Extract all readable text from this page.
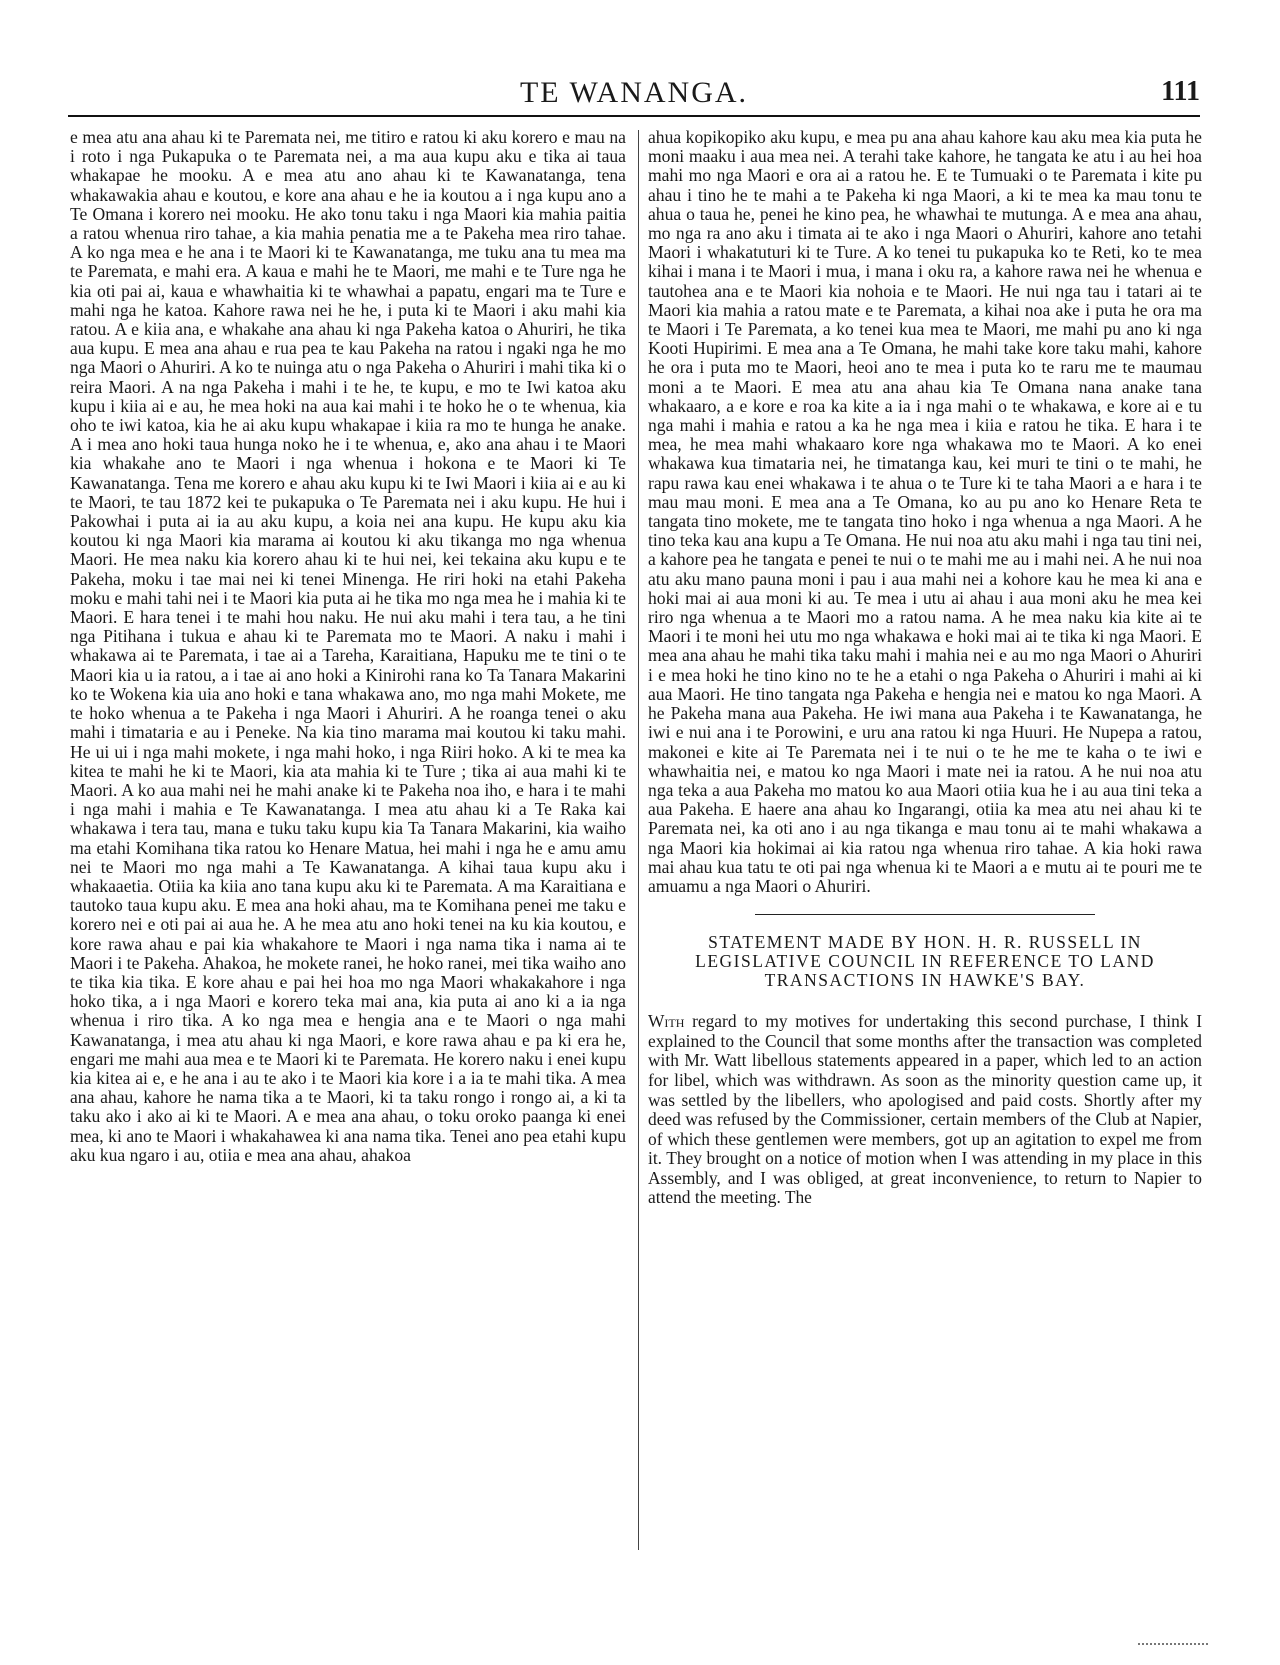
TE WANANGA.	111

e mea atu ana ahau ki te Paremata nei, me titiro e ratou ki aku korero e mau na i roto i nga Pukapuka o te Paremata nei, a ma aua kupu aku e tika ai taua whakapae he mooku. A e mea atu ano ahau ki te Kawanatanga, tena whakawakia ahau e koutou, e kore ana ahau e he ia koutou a i nga kupu ano a Te Omana i korero nei mooku. He ako tonu taku i nga Maori kia mahia paitia a ratou whenua riro tahae, a kia mahia penatia me a te Pakeha mea riro tahae. A ko nga mea e he ana i te Maori ki te Kawanatanga, me tuku ana tu mea ma te Paremata, e mahi era. A kaua e mahi he te Maori, me mahi e te Ture nga he kia oti pai ai, kaua e whawhaitia ki te whawhai a papatu, engari ma te Ture e mahi nga he katoa. Kahore rawa nei he he, i puta ki te Maori i aku mahi kia ratou. A e kiia ana, e whakahe ana ahau ki nga Pakeha katoa o Ahuriri, he tika aua kupu. E mea ana ahau e rua pea te kau Pakeha na ratou i ngaki nga he mo nga Maori o Ahuriri. A ko te nuinga atu o nga Pakeha o Ahuriri i mahi tika ki o reira Maori. A na nga Pakeha i mahi i te he, te kupu, e mo te Iwi katoa aku kupu i kiia ai e au, he mea hoki na aua kai mahi i te hoko he o te whenua, kia oho te iwi katoa, kia he ai aku kupu whakapae i kiia ra mo te hunga he anake. A i mea ano hoki taua hunga noko he i te whenua, e, ako ana ahau i te Maori kia whakahe ano te Maori i nga whenua i hokona e te Maori ki Te Kawanatanga. Tena me korero e ahau aku kupu ki te Iwi Maori i kiia ai e au ki te Maori, te tau 1872 kei te pukapuka o Te Paremata nei i aku kupu. He hui i Pakowhai i puta ai ia au aku kupu, a koia nei ana kupu. He kupu aku kia koutou ki nga Maori kia marama ai koutou ki aku tikanga mo nga whenua Maori. He mea naku kia korero ahau ki te hui nei, kei tekaina aku kupu e te Pakeha, moku i tae mai nei ki tenei Minenga. He riri hoki na etahi Pakeha moku e mahi tahi nei i te Maori kia puta ai he tika mo nga mea he i mahia ki te Maori. E hara tenei i te mahi hou naku. He nui aku mahi i tera tau, a he tini nga Pitihana i tukua e ahau ki te Paremata mo te Maori. A naku i mahi i whakawa ai te Paremata, i tae ai a Tareha, Karaitiana, Hapuku me te tini o te Maori kia u ia ratou, a i tae ai ano hoki a Kinirohi rana ko Ta Tanara Makarini ko te Wokena kia uia ano hoki e tana whakawa ano, mo nga mahi Mokete, me te hoko whenua a te Pakeha i nga Maori i Ahuriri. A he roanga tenei o aku mahi i timataria e au i Peneke. Na kia tino marama mai koutou ki taku mahi. He ui ui i nga mahi mokete, i nga mahi hoko, i nga Riiri hoko. A ki te mea ka kitea te mahi he ki te Maori, kia ata mahia ki te Ture ; tika ai aua mahi ki te Maori. A ko aua mahi nei he mahi anake ki te Pakeha noa iho, e hara i te mahi i nga mahi i mahia e Te Kawanatanga. I mea atu ahau ki a Te Raka kai whakawa i tera tau, mana e tuku taku kupu kia Ta Tanara Makarini, kia waiho ma etahi Komihana tika ratou ko Henare Matua, hei mahi i nga he e amu amu nei te Maori mo nga mahi a Te Kawanatanga. A kihai taua kupu aku i whakaaetia. Otiia ka kiia ano tana kupu aku ki te Paremata. A ma Karaitiana e tautoko taua kupu aku. E mea ana hoki ahau, ma te Komihana penei me taku e korero nei e oti pai ai aua he. A he mea atu ano hoki tenei na ku kia koutou, e kore rawa ahau e pai kia whakahore te Maori i nga nama tika i nama ai te Maori i te Pakeha. Ahakoa, he mokete ranei, he hoko ranei, mei tika waiho ano te tika kia tika. E kore ahau e pai hei hoa mo nga Maori whakakahore i nga hoko tika, a i nga Maori e korero teka mai ana, kia puta ai ano ki a ia nga whenua i riro tika. A ko nga mea e hengia ana e te Maori o nga mahi Kawanatanga, i mea atu ahau ki nga Maori, e kore rawa ahau e pa ki era he, engari me mahi aua mea e te Maori ki te Paremata. He korero naku i enei kupu kia kitea ai e, e he ana i au te ako i te Maori kia kore i a ia te mahi tika. A mea ana ahau, kahore he nama tika a te Maori, ki ta taku rongo i rongo ai, a ki ta taku ako i ako ai ki te Maori. A e mea ana ahau, o toku oroko paanga ki enei mea, ki ano te Maori i whakahawea ki ana nama tika. Tenei ano pea etahi kupu aku kua ngaro i au, otiia e mea ana ahau, ahakoa

ahua kopikopiko aku kupu, e mea pu ana ahau kahore kau aku mea kia puta he moni maaku i aua mea nei. A terahi take kahore, he tangata ke atu i au hei hoa mahi mo nga Maori e ora ai a ratou he. E te Tumuaki o te Paremata i kite pu ahau i tino he te mahi a te Pakeha ki nga Maori, a ki te mea ka mau tonu te ahua o taua he, penei he kino pea, he whawhai te mutunga. A e mea ana ahau, mo nga ra ano aku i timata ai te ako i nga Maori o Ahuriri, kahore ano tetahi Maori i whakatuturi ki te Ture. A ko tenei tu pukapuka ko te Reti, ko te mea kihai i mana i te Maori i mua, i mana i oku ra, a kahore rawa nei he whenua e tautohea ana e te Maori kia nohoia e te Maori. He nui nga tau i tatari ai te Maori kia mahia a ratou mate e te Paremata, a kihai noa ake i puta he ora ma te Maori i Te Paremata, a ko tenei kua mea te Maori, me mahi pu ano ki nga Kooti Hupirimi. E mea ana a Te Omana, he mahi take kore taku mahi, kahore he ora i puta mo te Maori, heoi ano te mea i puta ko te raru me te maumau moni a te Maori. E mea atu ana ahau kia Te Omana nana anake tana whakaaro, a e kore e roa ka kite a ia i nga mahi o te whakawa, e kore ai e tu nga mahi i mahia e ratou a ka he nga mea i kiia e ratou he tika. E hara i te mea, he mea mahi whakaaro kore nga whakawa mo te Maori. A ko enei whakawa kua timataria nei, he timatanga kau, kei muri te tini o te mahi, he rapu rawa kau enei whakawa i te ahua o te Ture ki te taha Maori a e hara i te mau mau moni. E mea ana a Te Omana, ko au pu ano ko Henare Reta te tangata tino mokete, me te tangata tino hoko i nga whenua a nga Maori. A he tino teka kau ana kupu a Te Omana. He nui noa atu aku mahi i nga tau tini nei, a kahore pea he tangata e penei te nui o te mahi me au i mahi nei. A he nui noa atu aku mano pauna moni i pau i aua mahi nei a kohore kau he mea ki ana e hoki mai ai aua moni ki au. Te mea i utu ai ahau i aua moni aku he mea kei riro nga whenua a te Maori mo a ratou nama. A he mea naku kia kite ai te Maori i te moni hei utu mo nga whakawa e hoki mai ai te tika ki nga Maori. E mea ana ahau he mahi tika taku mahi i mahia nei e au mo nga Maori o Ahuriri i e mea hoki he tino kino no te he a etahi o nga Pakeha o Ahuriri i mahi ai ki aua Maori. He tino tangata nga Pakeha e hengia nei e matou ko nga Maori. A he Pakeha mana aua Pakeha. He iwi mana aua Pakeha i te Kawanatanga, he iwi e nui ana i te Porowini, e uru ana ratou ki nga Huuri. He Nupepa a ratou, makonei e kite ai Te Paremata nei i te nui o te he me te kaha o te iwi e whawhaitia nei, e matou ko nga Maori i mate nei ia ratou. A he nui noa atu nga teka a aua Pakeha mo matou ko aua Maori otiia kua he i au aua tini teka a aua Pakeha. E haere ana ahau ko Ingarangi, otiia ka mea atu nei ahau ki te Paremata nei, ka oti ano i au nga tikanga e mau tonu ai te mahi whakawa a nga Maori kia hokimai ai kia ratou nga whenua riro tahae. A kia hoki rawa mai ahau kua tatu te oti pai nga whenua ki te Maori a e mutu ai te pouri me te amuamu a nga Maori o Ahuriri.

STATEMENT MADE BY HON. H. R. RUSSELL IN LEGISLATIVE COUNCIL IN REFERENCE TO LAND TRANSACTIONS IN HAWKE'S BAY.

With regard to my motives for undertaking this second purchase, I think I explained to the Council that some months after the transaction was completed with Mr. Watt libellous statements appeared in a paper, which led to an action for libel, which was withdrawn. As soon as the minority question came up, it was settled by the libellers, who apologised and paid costs. Shortly after my deed was refused by the Commissioner, certain members of the Club at Napier, of which these gentlemen were members, got up an agitation to expel me from it. They brought on a notice of motion when I was attending in my place in this Assembly, and I was obliged, at great inconvenience, to return to Napier to attend the meeting. The
